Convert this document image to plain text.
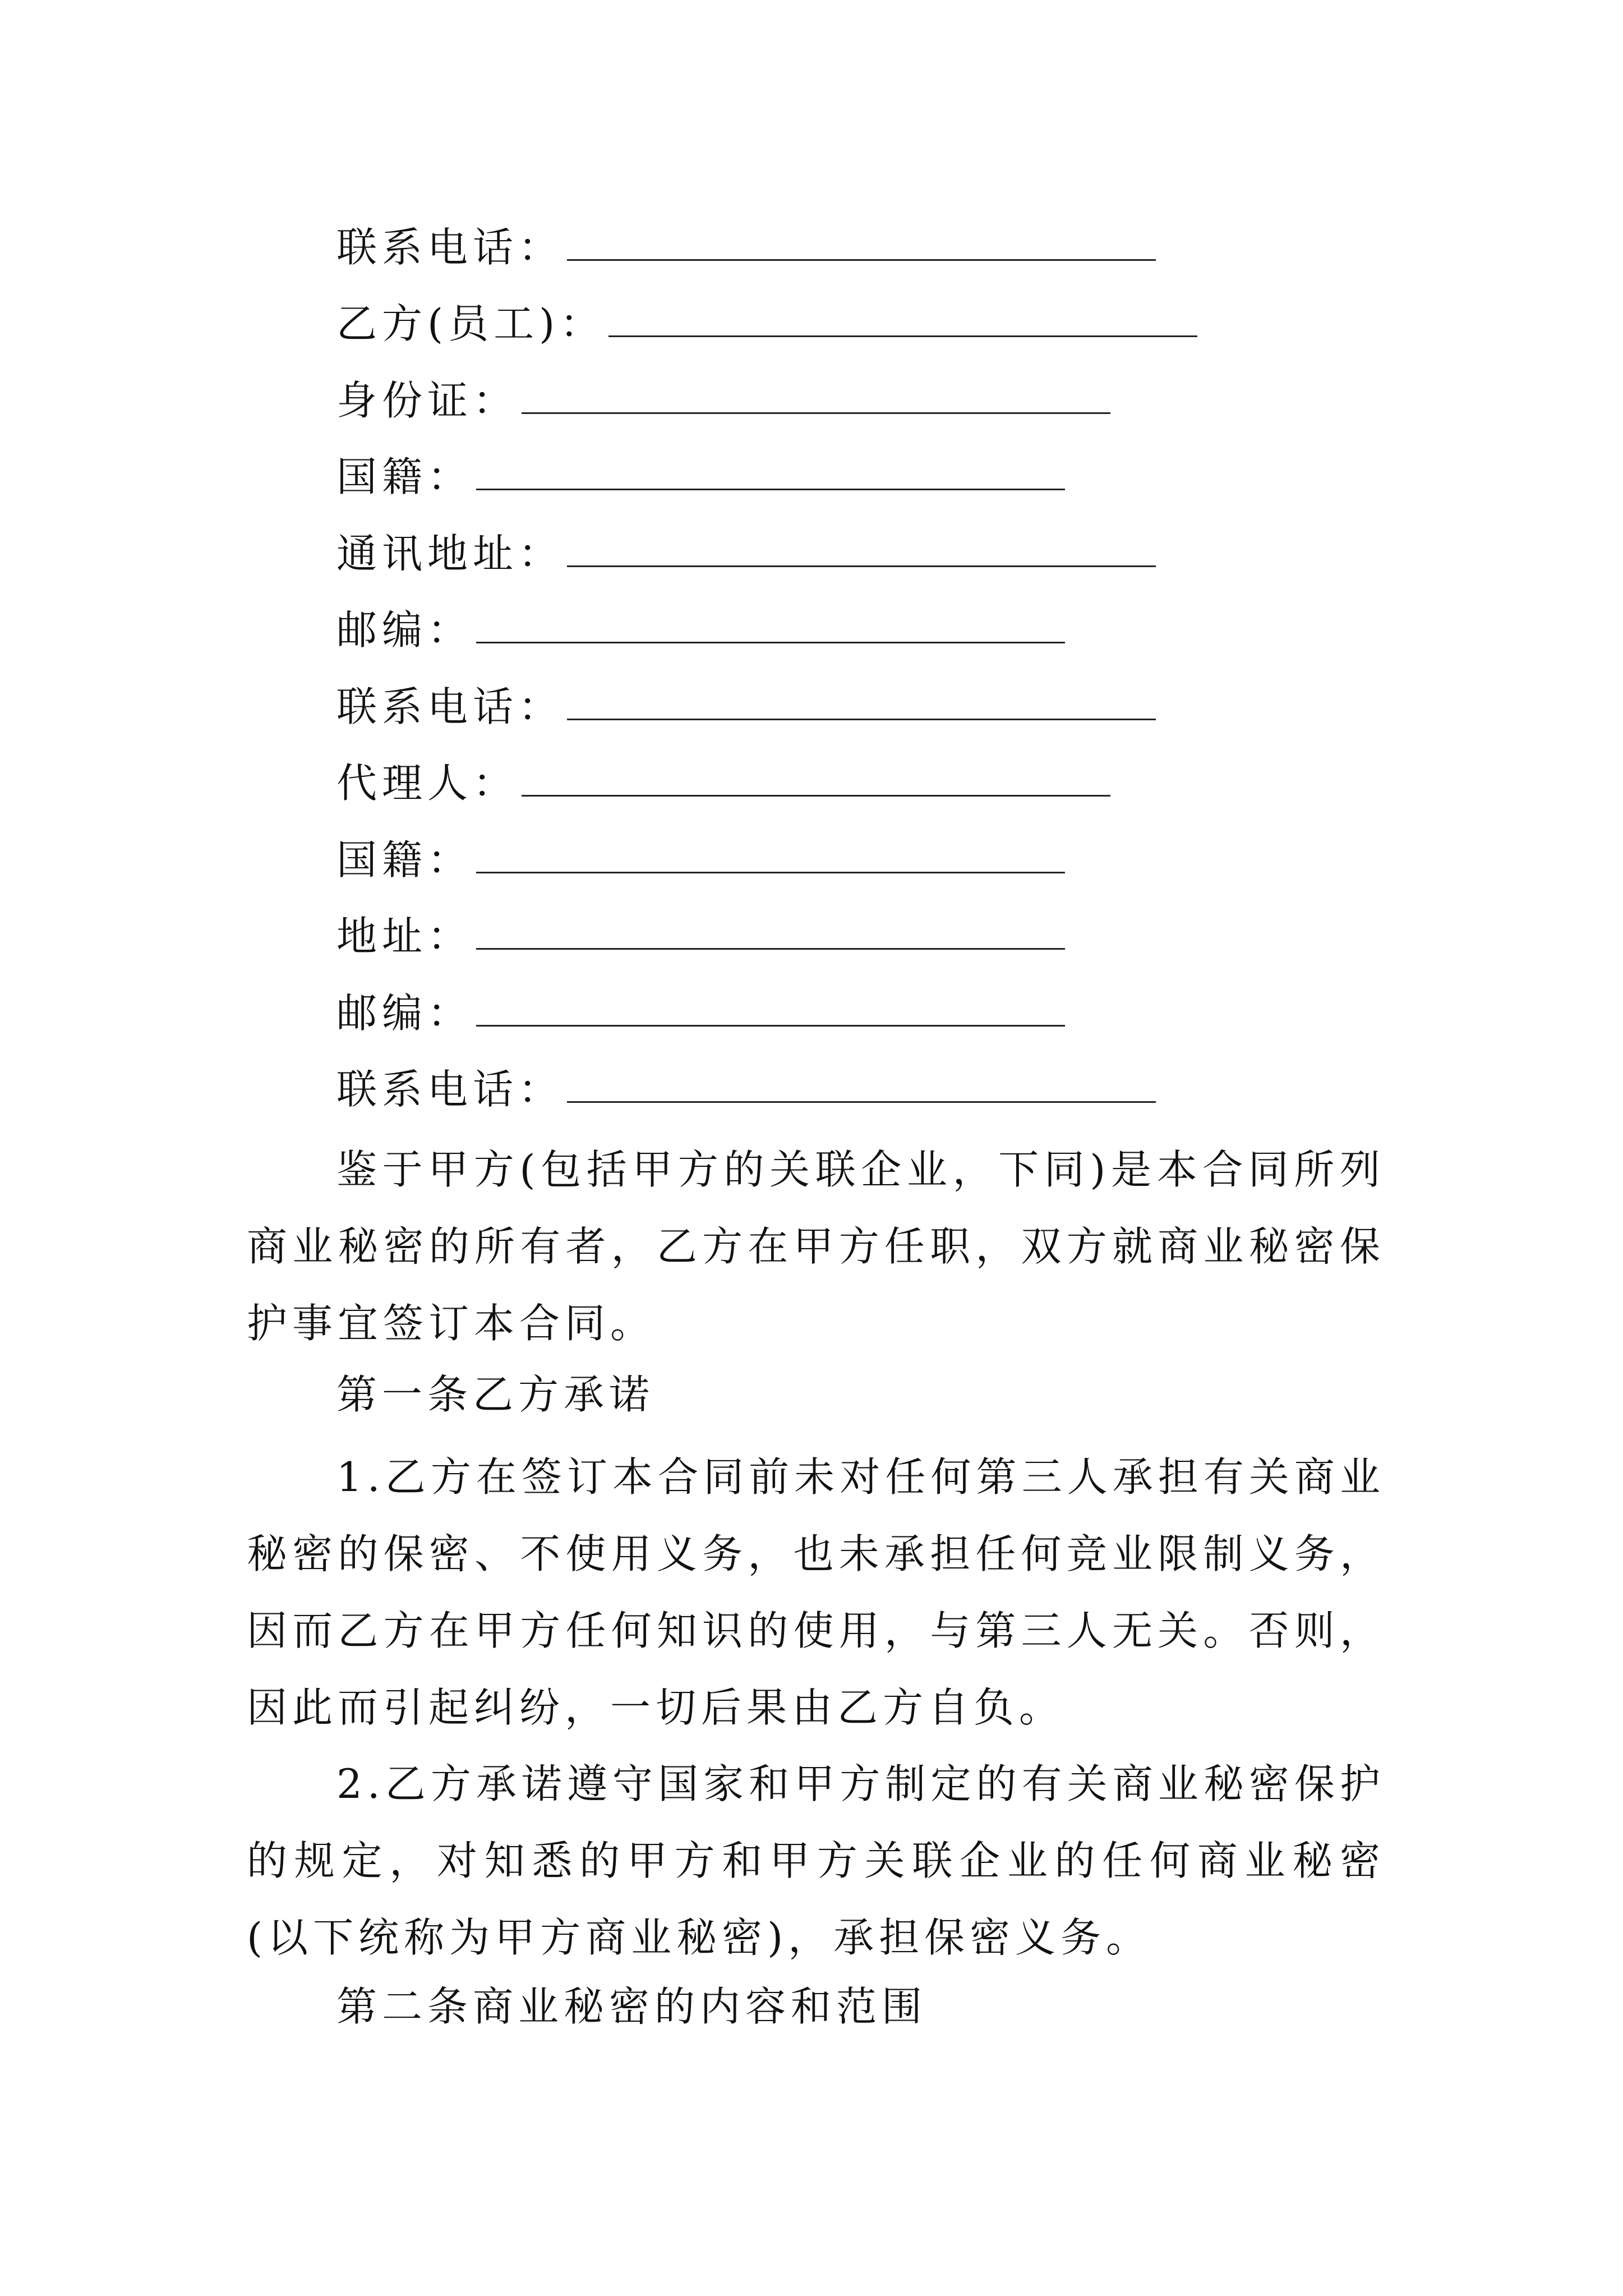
联系电话：
乙方(员工)：
身份证：
国籍：
通讯地址：
邮编：
联系电话：
代理人：
国籍：
地址：
邮编：
联系电话：

鉴于甲方(包括甲方的关联企业，下同)是本合同所列商业秘密的所有者，乙方在甲方任职，双方就商业秘密保护事宜签订本合同。

第一条乙方承诺

1.乙方在签订本合同前未对任何第三人承担有关商业秘密的保密、不使用义务，也未承担任何竞业限制义务，因而乙方在甲方任何知识的使用，与第三人无关。否则，因此而引起纠纷，一切后果由乙方自负。

2.乙方承诺遵守国家和甲方制定的有关商业秘密保护的规定，对知悉的甲方和甲方关联企业的任何商业秘密(以下统称为甲方商业秘密)，承担保密义务。

第二条商业秘密的内容和范围
